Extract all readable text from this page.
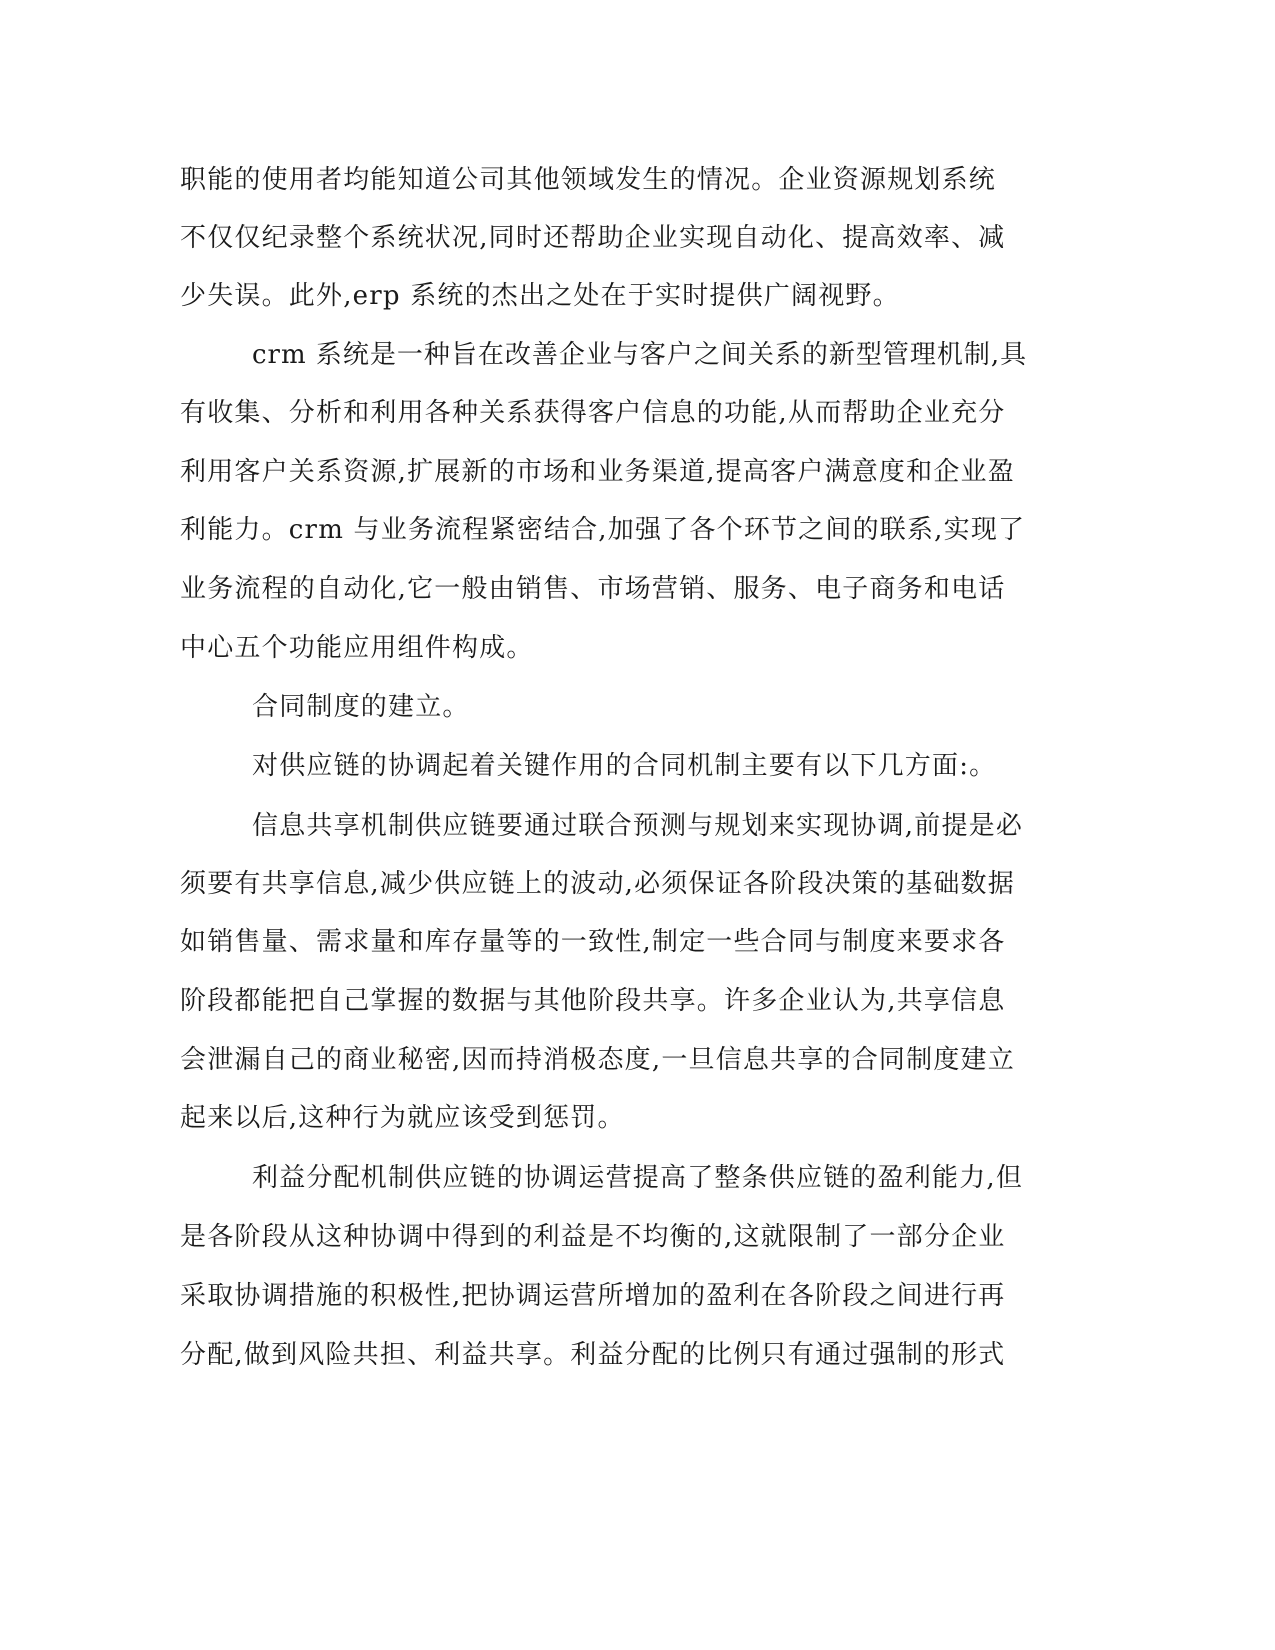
职能的使用者均能知道公司其他领域发生的情况。企业资源规划系统
不仅仅纪录整个系统状况,同时还帮助企业实现自动化、提高效率、减
少失误。此外,erp 系统的杰出之处在于实时提供广阔视野。
crm 系统是一种旨在改善企业与客户之间关系的新型管理机制,具
有收集、分析和利用各种关系获得客户信息的功能,从而帮助企业充分
利用客户关系资源,扩展新的市场和业务渠道,提高客户满意度和企业盈
利能力。crm 与业务流程紧密结合,加强了各个环节之间的联系,实现了
业务流程的自动化,它一般由销售、市场营销、服务、电子商务和电话
中心五个功能应用组件构成。
合同制度的建立。
对供应链的协调起着关键作用的合同机制主要有以下几方面:。
信息共享机制供应链要通过联合预测与规划来实现协调,前提是必
须要有共享信息,减少供应链上的波动,必须保证各阶段决策的基础数据
如销售量、需求量和库存量等的一致性,制定一些合同与制度来要求各
阶段都能把自己掌握的数据与其他阶段共享。许多企业认为,共享信息
会泄漏自己的商业秘密,因而持消极态度,一旦信息共享的合同制度建立
起来以后,这种行为就应该受到惩罚。
利益分配机制供应链的协调运营提高了整条供应链的盈利能力,但
是各阶段从这种协调中得到的利益是不均衡的,这就限制了一部分企业
采取协调措施的积极性,把协调运营所增加的盈利在各阶段之间进行再
分配,做到风险共担、利益共享。利益分配的比例只有通过强制的形式
